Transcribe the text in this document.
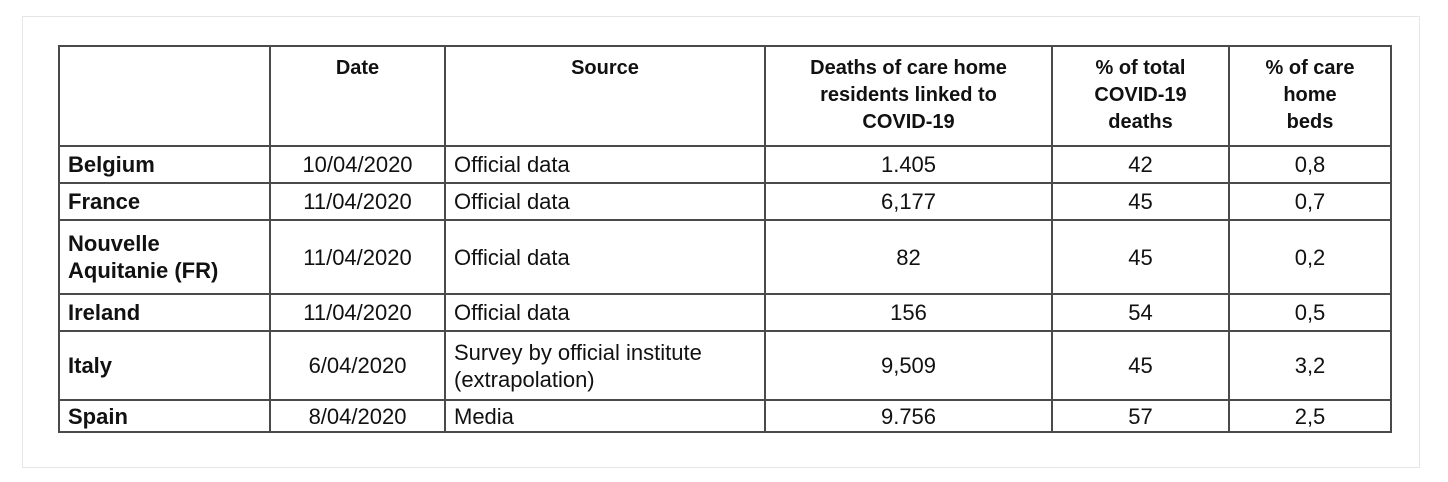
	Date	Source	Deaths of care home residents linked to COVID-19	% of total COVID-19 deaths	% of care home beds
Belgium	10/04/2020	Official data	1.405	42	0,8
France	11/04/2020	Official data	6,177	45	0,7
Nouvelle Aquitanie (FR)	11/04/2020	Official data	82	45	0,2
Ireland	11/04/2020	Official data	156	54	0,5
Italy	6/04/2020	Survey by official institute (extrapolation)	9,509	45	3,2
Spain	8/04/2020	Media	9.756	57	2,5
